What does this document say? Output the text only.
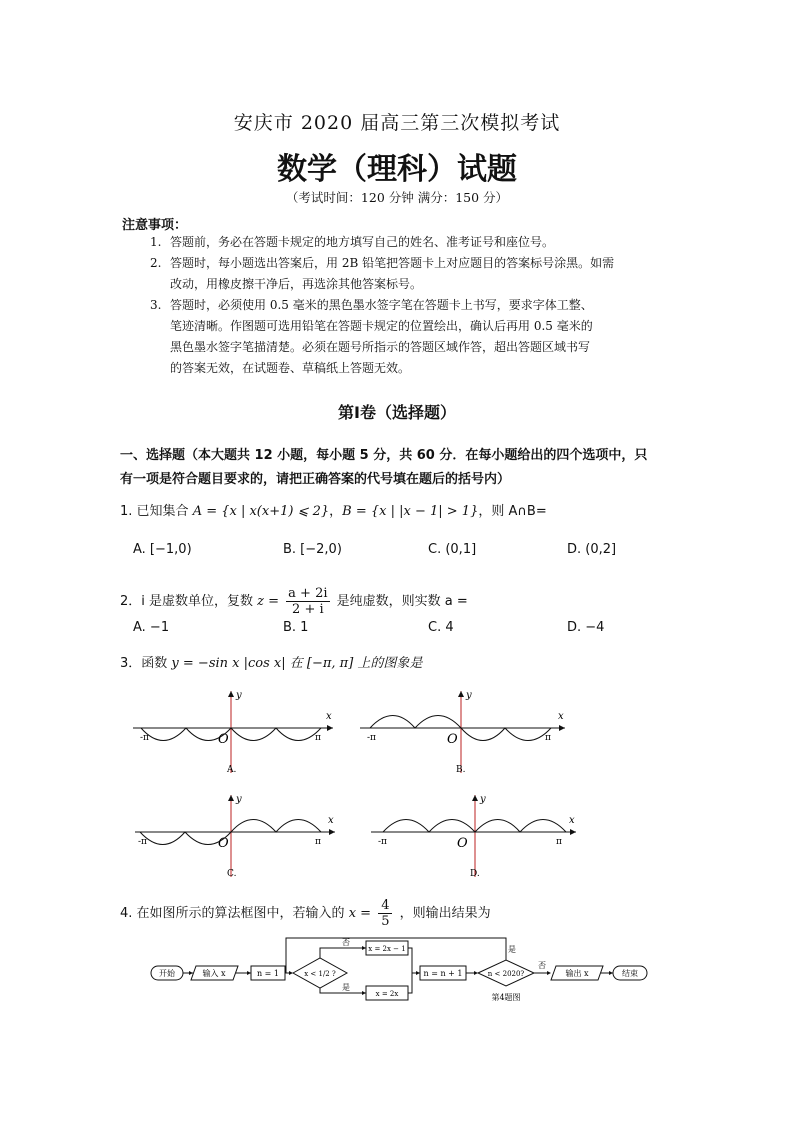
安庆市 2020 届高三第三次模拟考试
数学（理科）试题
（考试时间：120 分钟 满分：150 分）
注意事项：
1. 答题前，务必在答题卡规定的地方填写自己的姓名、准考证号和座位号。
2. 答题时，每小题选出答案后，用 2B 铅笔把答题卡上对应题目的答案标号涂黑。如需
改动，用橡皮擦干净后，再选涂其他答案标号。
3. 答题时，必须使用 0.5 毫米的黑色墨水签字笔在答题卡上书写，要求字体工整、
笔迹清晰。作图题可选用铅笔在答题卡规定的位置绘出，确认后再用 0.5 毫米的
黑色墨水签字笔描清楚。必须在题号所指示的答题区域作答，超出答题区域书写
的答案无效，在试题卷、草稿纸上答题无效。
第Ⅰ卷（选择题）
一、选择题（本大题共 12 小题，每小题 5 分，共 60 分．在每小题给出的四个选项中，只
有一项是符合题目要求的，请把正确答案的代号填在题后的括号内）
1. 已知集合 A = {x | x(x+1) ⩽ 2}，B = {x | |x − 1| > 1}，则 A∩B=
A. [−1,0)	B. [−2,0)	C. (0,1]	D. (0,2]
2．i 是虚数单位，复数 $z = \frac{a + 2i}{2 + i}$ 是纯虚数，则实数 a =
A. −1	B. 1	C. 4	D. −4
3．函数 y = −sin x |cos x| 在 [−π, π] 上的图象是
x
y
O
-π	π
A.
x
y
O
-π	π
B.
x
y
O
-π	π
C.
x
y
O
-π	π
D.
4. 在如图所示的算法框图中，若输入的 $x = \frac{4}{5}$ ，则输出结果为
开始	输入 x	n = 1	x < 1/2 ?
否
是
x = 2x − 1
x = 2x
n = n + 1	n < 2020?
是
否
输出 x	结束
第4题图
